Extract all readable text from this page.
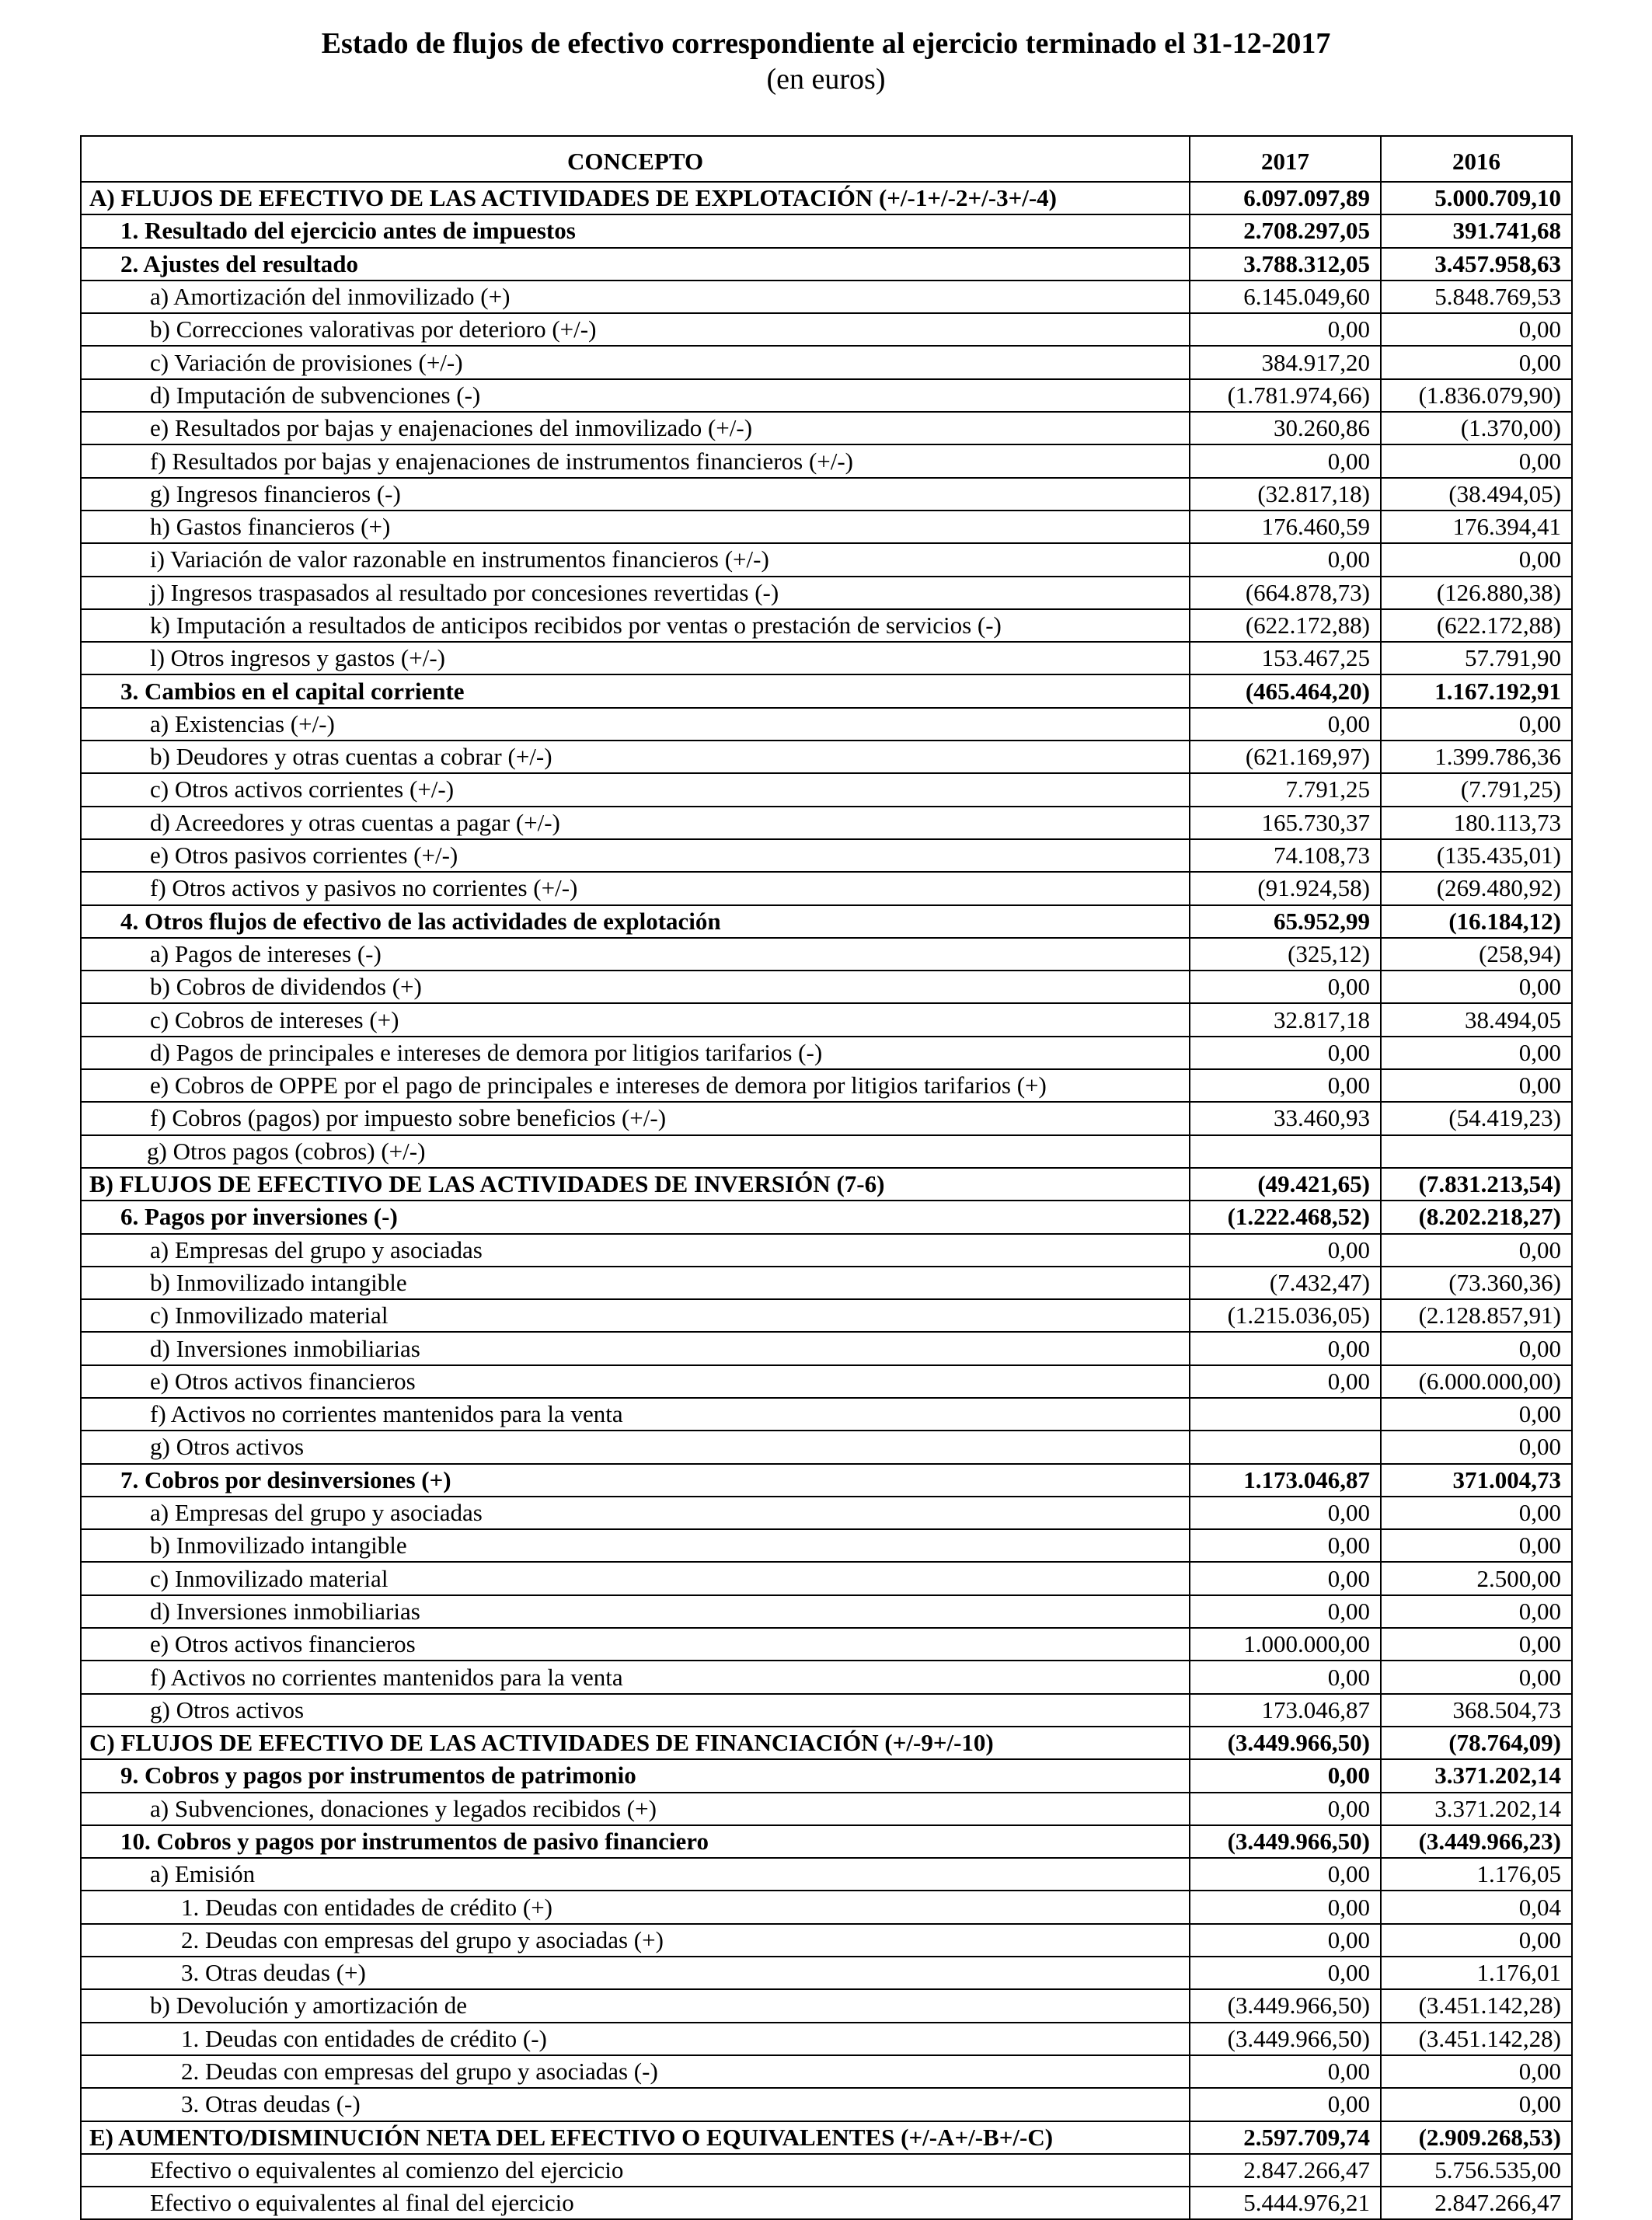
Estado de flujos de efectivo correspondiente al ejercicio terminado el 31-12-2017
(en euros)
CONCEPTO	2017	2016
A) FLUJOS DE EFECTIVO DE LAS ACTIVIDADES DE EXPLOTACIÓN (+/-1+/-2+/-3+/-4)	6.097.097,89	5.000.709,10
1. Resultado del ejercicio antes de impuestos	2.708.297,05	391.741,68
2. Ajustes del resultado	3.788.312,05	3.457.958,63
a) Amortización del inmovilizado (+)	6.145.049,60	5.848.769,53
b) Correcciones valorativas por deterioro (+/-)	0,00	0,00
c) Variación de provisiones (+/-)	384.917,20	0,00
d) Imputación de subvenciones (-)	(1.781.974,66)	(1.836.079,90)
e) Resultados por bajas y enajenaciones del inmovilizado (+/-)	30.260,86	(1.370,00)
f) Resultados por bajas y enajenaciones de instrumentos financieros (+/-)	0,00	0,00
g) Ingresos financieros (-)	(32.817,18)	(38.494,05)
h) Gastos financieros (+)	176.460,59	176.394,41
i) Variación de valor razonable en instrumentos financieros (+/-)	0,00	0,00
j) Ingresos traspasados al resultado por concesiones revertidas (-)	(664.878,73)	(126.880,38)
k) Imputación a resultados de anticipos recibidos por ventas o prestación de servicios (-)	(622.172,88)	(622.172,88)
l) Otros ingresos y gastos (+/-)	153.467,25	57.791,90
3. Cambios en el capital corriente	(465.464,20)	1.167.192,91
a) Existencias (+/-)	0,00	0,00
b) Deudores y otras cuentas a cobrar (+/-)	(621.169,97)	1.399.786,36
c) Otros activos corrientes (+/-)	7.791,25	(7.791,25)
d) Acreedores y otras cuentas a pagar (+/-)	165.730,37	180.113,73
e) Otros pasivos corrientes (+/-)	74.108,73	(135.435,01)
f) Otros activos y pasivos no corrientes (+/-)	(91.924,58)	(269.480,92)
4. Otros flujos de efectivo de las actividades de explotación	65.952,99	(16.184,12)
a) Pagos de intereses (-)	(325,12)	(258,94)
b) Cobros de dividendos (+)	0,00	0,00
c) Cobros de intereses (+)	32.817,18	38.494,05
d) Pagos de principales e intereses de demora por litigios tarifarios (-)	0,00	0,00
e) Cobros de OPPE por el pago de principales e intereses de demora por litigios tarifarios (+)	0,00	0,00
f) Cobros (pagos) por impuesto sobre beneficios (+/-)	33.460,93	(54.419,23)
g) Otros pagos (cobros) (+/-)		
B) FLUJOS DE EFECTIVO DE LAS ACTIVIDADES DE INVERSIÓN (7-6)	(49.421,65)	(7.831.213,54)
6. Pagos por inversiones (-)	(1.222.468,52)	(8.202.218,27)
a) Empresas del grupo y asociadas	0,00	0,00
b) Inmovilizado intangible	(7.432,47)	(73.360,36)
c) Inmovilizado material	(1.215.036,05)	(2.128.857,91)
d) Inversiones inmobiliarias	0,00	0,00
e) Otros activos financieros	0,00	(6.000.000,00)
f) Activos no corrientes mantenidos para la venta		0,00
g) Otros activos		0,00
7. Cobros por desinversiones (+)	1.173.046,87	371.004,73
a) Empresas del grupo y asociadas	0,00	0,00
b) Inmovilizado intangible	0,00	0,00
c) Inmovilizado material	0,00	2.500,00
d) Inversiones inmobiliarias	0,00	0,00
e) Otros activos financieros	1.000.000,00	0,00
f) Activos no corrientes mantenidos para la venta	0,00	0,00
g) Otros activos	173.046,87	368.504,73
C) FLUJOS DE EFECTIVO DE LAS ACTIVIDADES DE FINANCIACIÓN (+/-9+/-10)	(3.449.966,50)	(78.764,09)
9. Cobros y pagos por instrumentos de patrimonio	0,00	3.371.202,14
a) Subvenciones, donaciones y legados recibidos (+)	0,00	3.371.202,14
10. Cobros y pagos por instrumentos de pasivo financiero	(3.449.966,50)	(3.449.966,23)
a) Emisión	0,00	1.176,05
1. Deudas con entidades de crédito (+)	0,00	0,04
2. Deudas con empresas del grupo y asociadas (+)	0,00	0,00
3. Otras deudas (+)	0,00	1.176,01
b) Devolución y amortización de	(3.449.966,50)	(3.451.142,28)
1. Deudas con entidades de crédito (-)	(3.449.966,50)	(3.451.142,28)
2. Deudas con empresas del grupo y asociadas (-)	0,00	0,00
3. Otras deudas (-)	0,00	0,00
E) AUMENTO/DISMINUCIÓN NETA DEL EFECTIVO O EQUIVALENTES (+/-A+/-B+/-C)	2.597.709,74	(2.909.268,53)
Efectivo o equivalentes al comienzo del ejercicio	2.847.266,47	5.756.535,00
Efectivo o equivalentes al final del ejercicio	5.444.976,21	2.847.266,47
